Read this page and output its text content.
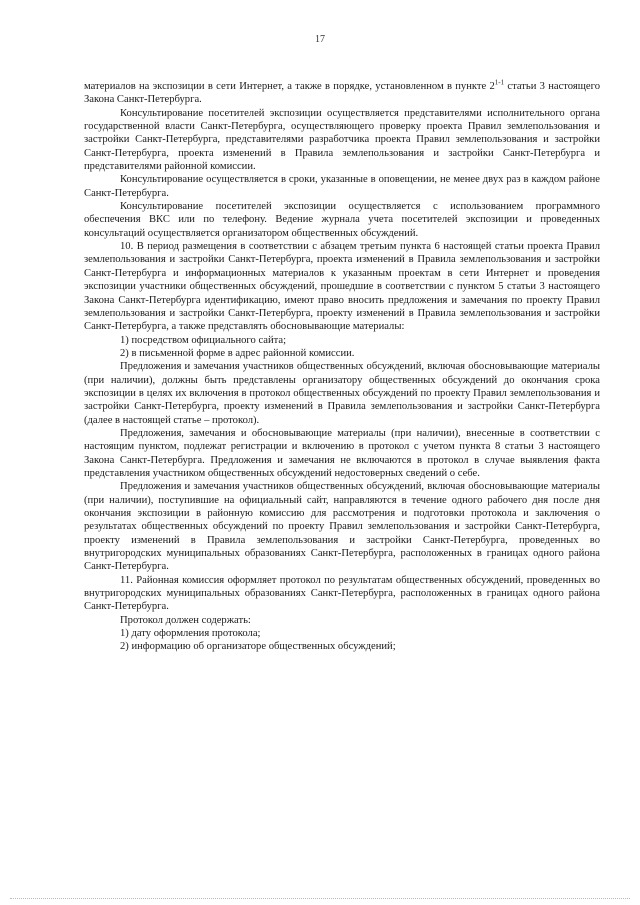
17

материалов на экспозиции в сети Интернет, а также в порядке, установленном в пункте 2$^{1-1}$ статьи 3 настоящего Закона Санкт-Петербурга.

Консультирование посетителей экспозиции осуществляется представителями исполнительного органа государственной власти Санкт-Петербурга, осуществляющего проверку проекта Правил землепользования и застройки Санкт-Петербурга, представителями разработчика проекта Правил землепользования и застройки Санкт-Петербурга, проекта изменений в Правила землепользования и застройки Санкт-Петербурга и представителями районной комиссии.

Консультирование осуществляется в сроки, указанные в оповещении, не менее двух раз в каждом районе Санкт-Петербурга.

Консультирование посетителей экспозиции осуществляется с использованием программного обеспечения ВКС или по телефону. Ведение журнала учета посетителей экспозиции и проведенных консультаций осуществляется организатором общественных обсуждений.

10. В период размещения в соответствии с абзацем третьим пункта 6 настоящей статьи проекта Правил землепользования и застройки Санкт-Петербурга, проекта изменений в Правила землепользования и застройки Санкт-Петербурга и информационных материалов к указанным проектам в сети Интернет и проведения экспозиции участники общественных обсуждений, прошедшие в соответствии с пунктом 5 статьи 3 настоящего Закона Санкт-Петербурга идентификацию, имеют право вносить предложения и замечания по проекту Правил землепользования и застройки Санкт-Петербурга, проекту изменений в Правила землепользования и застройки Санкт-Петербурга, а также представлять обосновывающие материалы:

1) посредством официального сайта;

2) в письменной форме в адрес районной комиссии.

Предложения и замечания участников общественных обсуждений, включая обосновывающие материалы (при наличии), должны быть представлены организатору общественных обсуждений до окончания срока экспозиции в целях их включения в протокол общественных обсуждений по проекту Правил землепользования и застройки Санкт-Петербурга, проекту изменений в Правила землепользования и застройки Санкт-Петербурга (далее в настоящей статье – протокол).

Предложения, замечания и обосновывающие материалы (при наличии), внесенные в соответствии с настоящим пунктом, подлежат регистрации и включению в протокол с учетом пункта 8 статьи 3 настоящего Закона Санкт-Петербурга. Предложения и замечания не включаются в протокол в случае выявления факта представления участником общественных обсуждений недостоверных сведений о себе.

Предложения и замечания участников общественных обсуждений, включая обосновывающие материалы (при наличии), поступившие на официальный сайт, направляются в течение одного рабочего дня после дня окончания экспозиции в районную комиссию для рассмотрения и подготовки протокола и заключения о результатах общественных обсуждений по проекту Правил землепользования и застройки Санкт-Петербурга, проекту изменений в Правила землепользования и застройки Санкт-Петербурга, проведенных во внутригородских муниципальных образованиях Санкт-Петербурга, расположенных в границах одного района Санкт-Петербурга.

11. Районная комиссия оформляет протокол по результатам общественных обсуждений, проведенных во внутригородских муниципальных образованиях Санкт-Петербурга, расположенных в границах одного района Санкт-Петербурга.

Протокол должен содержать:

1) дату оформления протокола;

2) информацию об организаторе общественных обсуждений;
